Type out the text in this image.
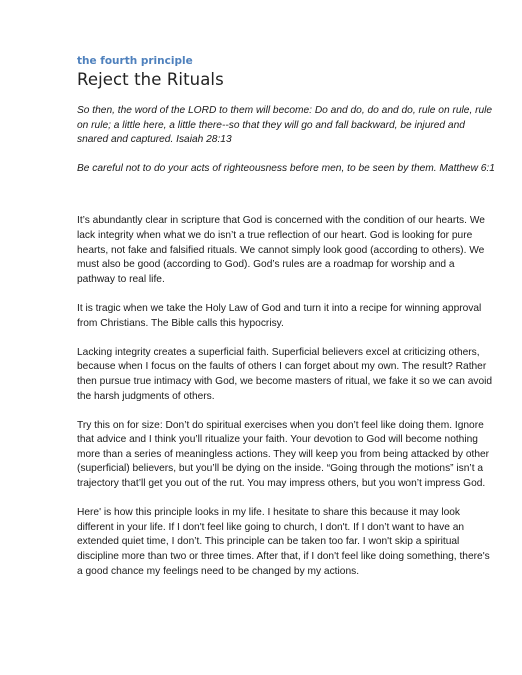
the fourth principle

Reject the Rituals

So then, the word of the LORD to them will become: Do and do, do and do, rule on rule, rule on rule; a little here, a little there--so that they will go and fall backward, be injured and snared and captured. Isaiah 28:13

Be careful not to do your acts of righteousness before men, to be seen by them. Matthew 6:1

It’s abundantly clear in scripture that God is concerned with the condition of our hearts. We lack integrity when what we do isn’t a true reflection of our heart. God is looking for pure hearts, not fake and falsified rituals. We cannot simply look good (according to others). We must also be good (according to God). God’s rules are a roadmap for worship and a pathway to real life.

It is tragic when we take the Holy Law of God and turn it into a recipe for winning approval from Christians. The Bible calls this hypocrisy.

Lacking integrity creates a superficial faith. Superficial believers excel at criticizing others, because when I focus on the faults of others I can forget about my own. The result? Rather then pursue true intimacy with God, we become masters of ritual, we fake it so we can avoid the harsh judgments of others.

Try this on for size: Don’t do spiritual exercises when you don’t feel like doing them. Ignore that advice and I think you’ll ritualize your faith. Your devotion to God will become nothing more than a series of meaningless actions. They will keep you from being attacked by other (superficial) believers, but you’ll be dying on the inside. “Going through the motions” isn’t a trajectory that’ll get you out of the rut. You may impress others, but you won’t impress God.

Here' is how this principle looks in my life. I hesitate to share this because it may look different in your life. If I don't feel like going to church, I don't. If I don’t want to have an extended quiet time, I don’t. This principle can be taken too far. I won't skip a spiritual discipline more than two or three times. After that, if I don't feel like doing something, there's a good chance my feelings need to be changed by my actions.
